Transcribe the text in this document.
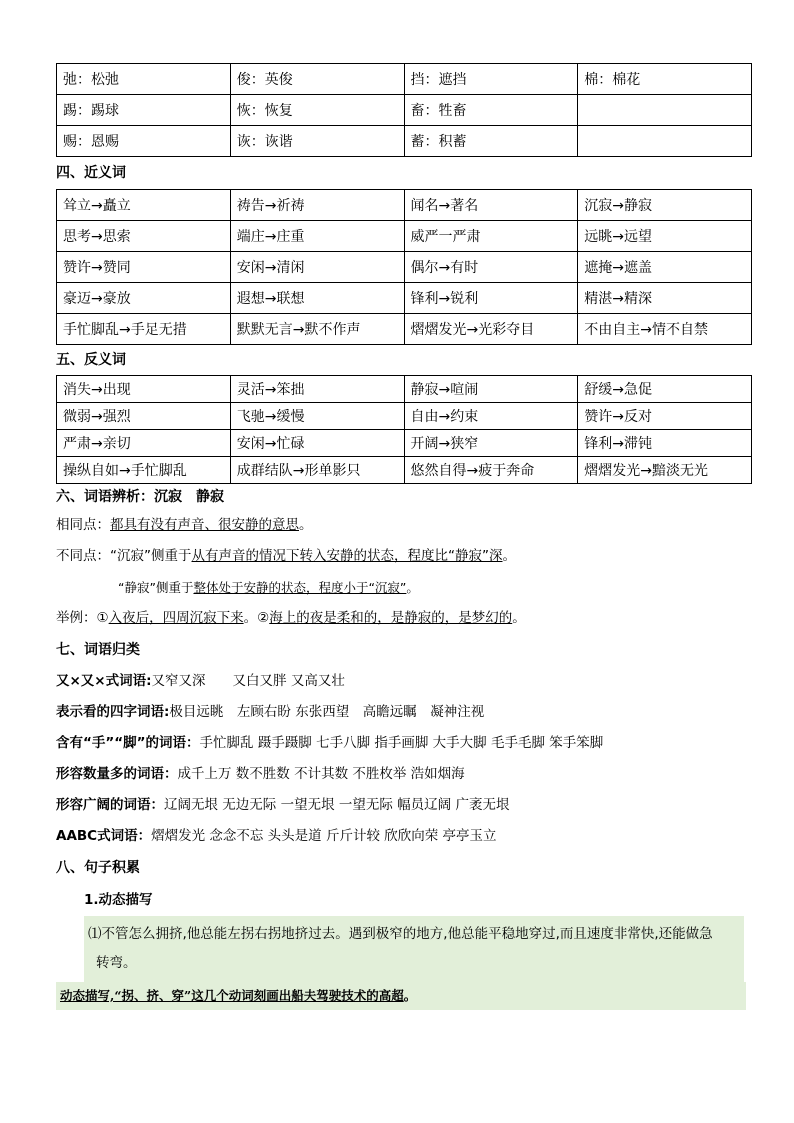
弛：松弛	俊：英俊	挡：遮挡	棉：棉花
踢：踢球	恢：恢复	畜：牲畜	
赐：恩赐	诙：诙谐	蓄：积蓄	
四、近义词
耸立→矗立	祷告→祈祷	闻名→著名	沉寂→静寂
思考→思索	端庄→庄重	威严一严肃	远眺→远望
赞许→赞同	安闲→清闲	偶尔→有时	遮掩→遮盖
豪迈→豪放	遐想→联想	锋利→锐利	精湛→精深
手忙脚乱→手足无措	默默无言→默不作声	熠熠发光→光彩夺目	不由自主→情不自禁
五、反义词
消失→出现	灵活→笨拙	静寂→喧闹	舒缓→急促
微弱→强烈	飞驰→缓慢	自由→约束	赞许→反对
严肃→亲切	安闲→忙碌	开阔→狭窄	锋利→滞钝
操纵自如→手忙脚乱	成群结队→形单影只	悠然自得→疲于奔命	熠熠发光→黯淡无光
六、词语辨析：沉寂　静寂
相同点：都具有没有声音、很安静的意思。
不同点：“沉寂”侧重于从有声音的情况下转入安静的状态，程度比“静寂”深。
“静寂”侧重于整体处于安静的状态，程度小于“沉寂”。
举例：①入夜后，四周沉寂下来。②海上的夜是柔和的，是静寂的，是梦幻的。
七、词语归类
又×又×式词语:又窄又深　　又白又胖 又高又壮
表示看的四字词语:极目远眺　左顾右盼 东张西望　高瞻远瞩　凝神注视
含有“手”“脚”的词语：手忙脚乱 蹑手蹑脚 七手八脚 指手画脚 大手大脚 毛手毛脚 笨手笨脚
形容数量多的词语：成千上万 数不胜数 不计其数 不胜枚举 浩如烟海
形容广阔的词语：辽阔无垠 无边无际 一望无垠 一望无际 幅员辽阔 广袤无垠
AABC式词语：熠熠发光 念念不忘 头头是道 斤斤计较 欣欣向荣 亭亭玉立
八、句子积累
1.动态描写
⑴不管怎么拥挤,他总能左拐右拐地挤过去。遇到极窄的地方,他总能平稳地穿过,而且速度非常快,还能做急
转弯。
动态描写,“拐、挤、穿”这几个动词刻画出船夫驾驶技术的高超。
